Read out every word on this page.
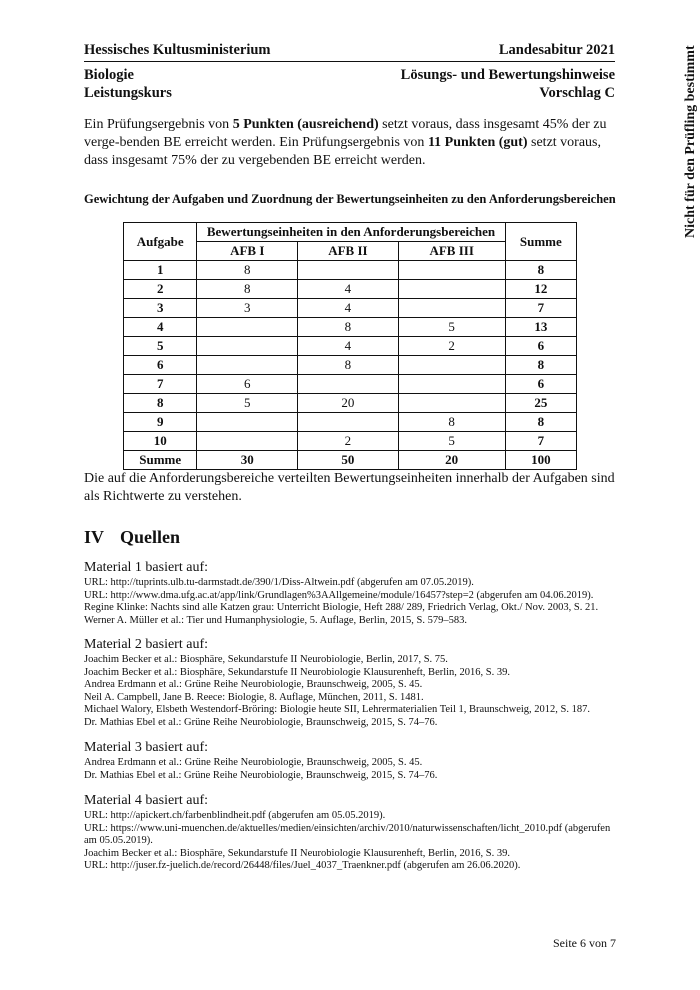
Hessisches Kultusministerium	Landesabitur 2021
Biologie
Leistungskurs
Lösungs- und Bewertungshinweise
Vorschlag C	Nicht für den Prüfling bestimmt
Ein Prüfungsergebnis von 5 Punkten (ausreichend) setzt voraus, dass insgesamt 45% der zu verge-benden BE erreicht werden. Ein Prüfungsergebnis von 11 Punkten (gut) setzt voraus, dass insgesamt 75% der zu vergebenden BE erreicht werden.
Gewichtung der Aufgaben und Zuordnung der Bewertungseinheiten zu den Anforderungsbereichen
Aufgabe	Bewertungseinheiten in den Anforderungsbereichen			Summe
	AFB I	AFB II	AFB III	
1	8			8
2	8	4		12
3	3	4		7
4		8	5	13
5		4	2	6
6		8		8
7	6			6
8	5	20		25
9			8	8
10		2	5	7
Summe	30	50	20	100
Die auf die Anforderungsbereiche verteilten Bewertungseinheiten innerhalb der Aufgaben sind als Richtwerte zu verstehen.
IV Quellen
Material 1 basiert auf:
URL: http://tuprints.ulb.tu-darmstadt.de/390/1/Diss-Altwein.pdf (abgerufen am 07.05.2019).
URL: http://www.dma.ufg.ac.at/app/link/Grundlagen%3AAllgemeine/module/16457?step=2 (abgerufen am 04.06.2019).
Regine Klinke: Nachts sind alle Katzen grau: Unterricht Biologie, Heft 288/ 289, Friedrich Verlag, Okt./ Nov. 2003, S. 21.
Werner A. Müller et al.: Tier und Humanphysiologie, 5. Auflage, Berlin, 2015, S. 579–583.
Material 2 basiert auf:
Joachim Becker et al.: Biosphäre, Sekundarstufe II Neurobiologie, Berlin, 2017, S. 75.
Joachim Becker et al.: Biosphäre, Sekundarstufe II Neurobiologie Klausurenheft, Berlin, 2016, S. 39.
Andrea Erdmann et al.: Grüne Reihe Neurobiologie, Braunschweig, 2005, S. 45.
Neil A. Campbell, Jane B. Reece: Biologie, 8. Auflage, München, 2011, S. 1481.
Michael Walory, Elsbeth Westendorf-Bröring: Biologie heute SII, Lehrermaterialien Teil 1, Braunschweig, 2012, S. 187.
Dr. Mathias Ebel et al.: Grüne Reihe Neurobiologie, Braunschweig, 2015, S. 74–76.
Material 3 basiert auf:
Andrea Erdmann et al.: Grüne Reihe Neurobiologie, Braunschweig, 2005, S. 45.
Dr. Mathias Ebel et al.: Grüne Reihe Neurobiologie, Braunschweig, 2015, S. 74–76.
Material 4 basiert auf:
URL: http://apickert.ch/farbenblindheit.pdf (abgerufen am 05.05.2019).
URL: https://www.uni-muenchen.de/aktuelles/medien/einsichten/archiv/2010/naturwissenschaften/licht_2010.pdf (abgerufen am 05.05.2019).
Joachim Becker et al.: Biosphäre, Sekundarstufe II Neurobiologie Klausurenheft, Berlin, 2016, S. 39.
URL: http://juser.fz-juelich.de/record/26448/files/Juel_4037_Traenkner.pdf (abgerufen am 26.06.2020).
Seite 6 von 7
